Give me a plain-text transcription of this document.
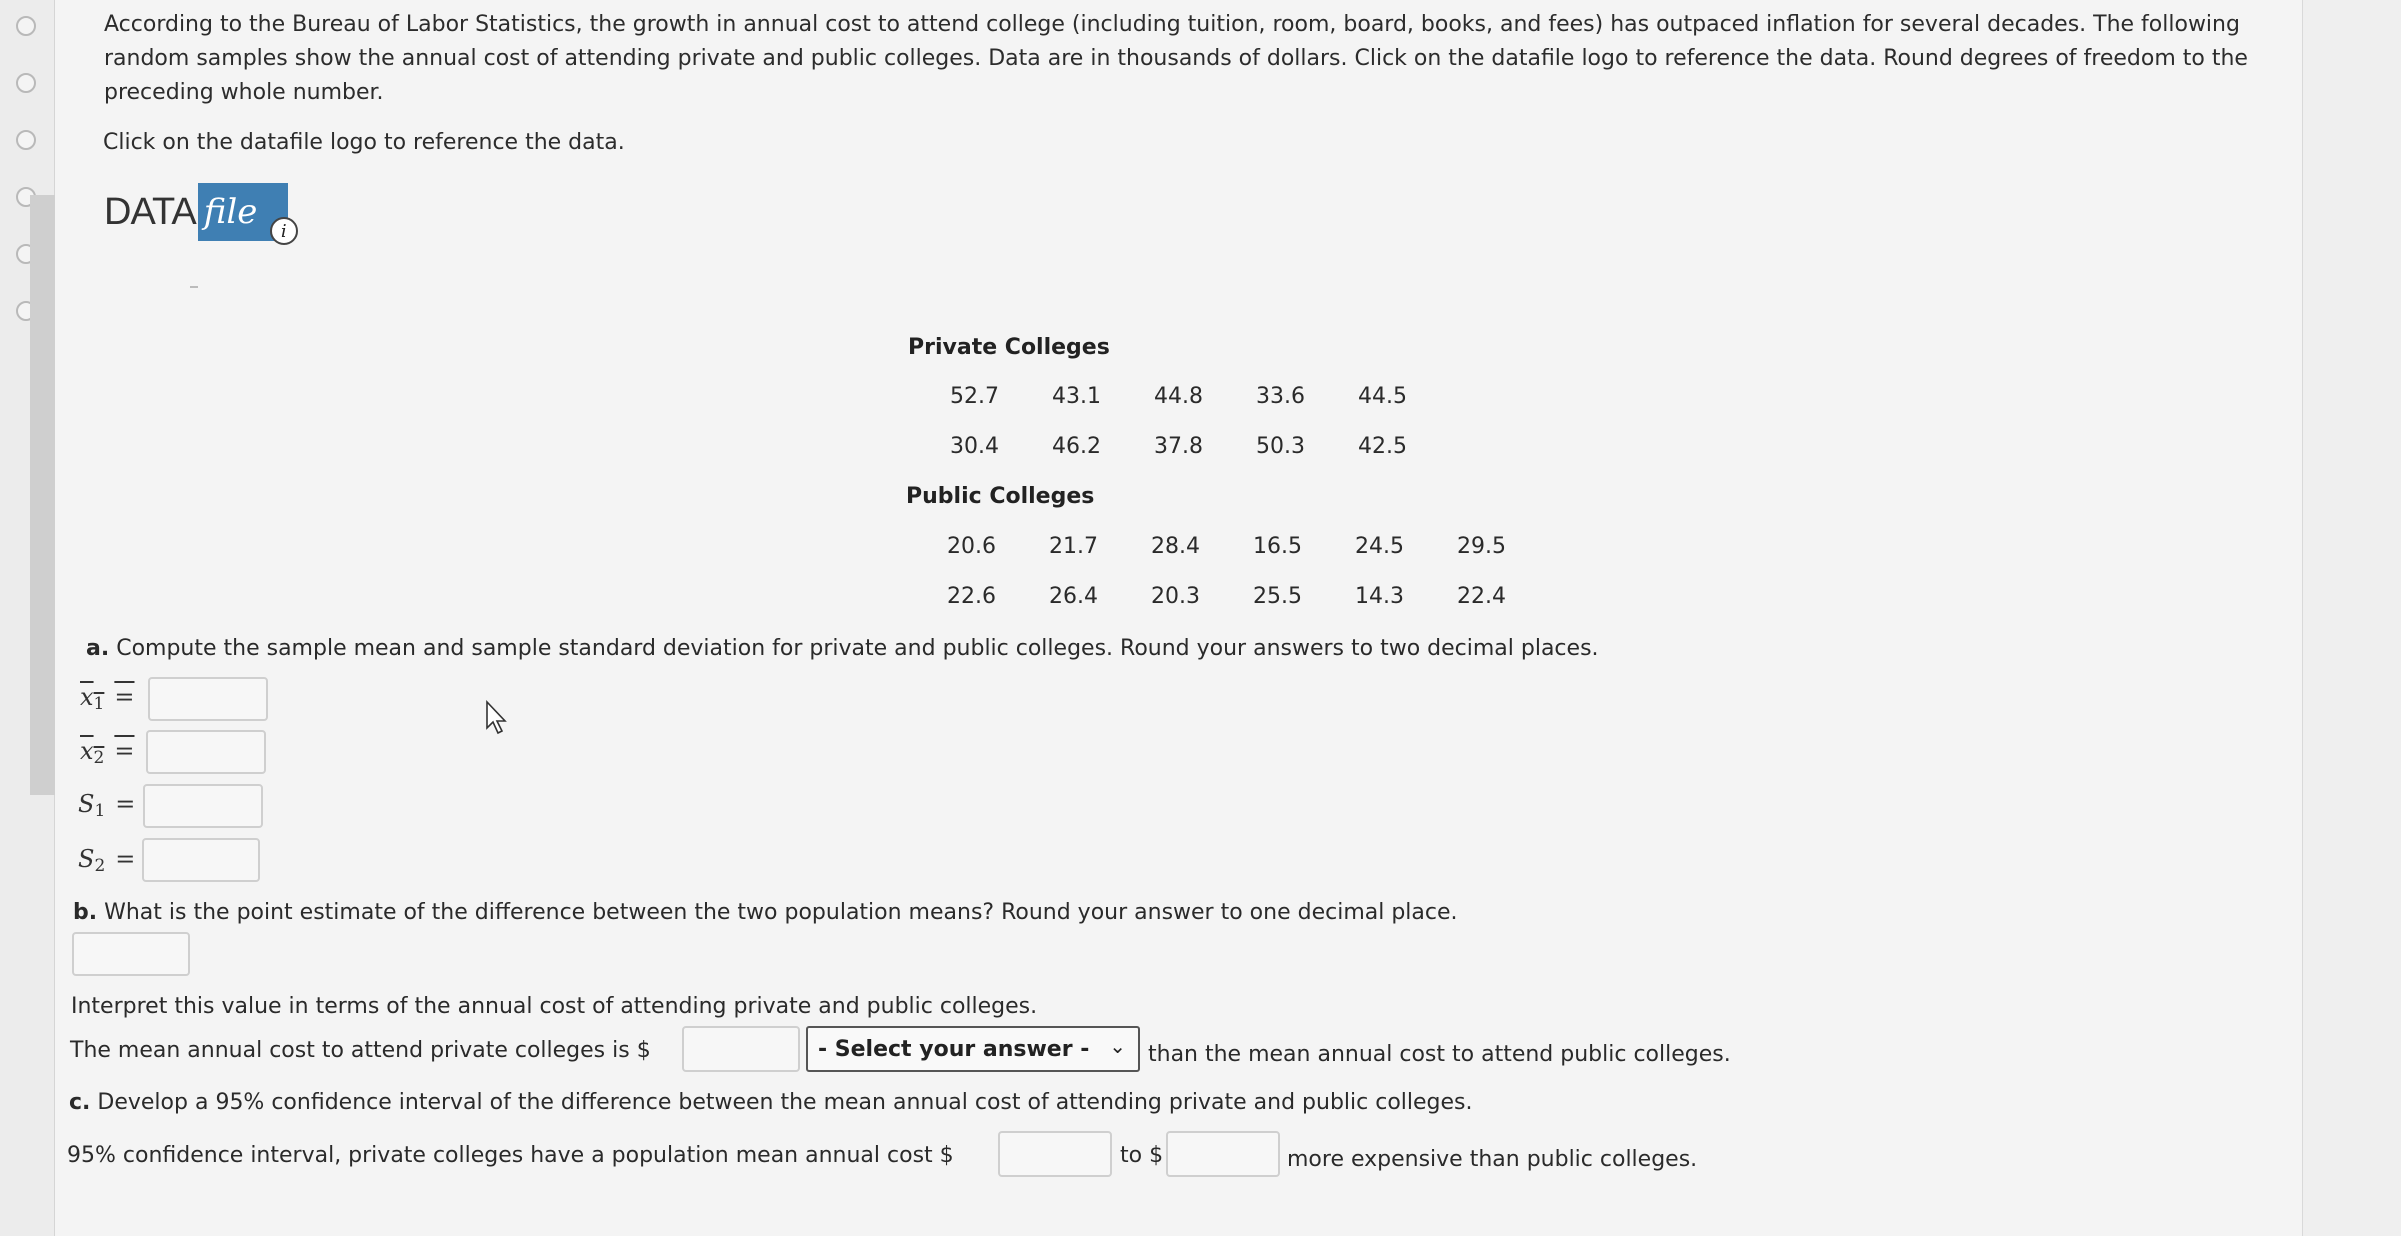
According to the Bureau of Labor Statistics, the growth in annual cost to attend college (including tuition, room, board, books, and fees) has outpaced inflation for several decades. The following random samples show the annual cost of attending private and public colleges. Data are in thousands of dollars. Click on the datafile logo to reference the data. Round degrees of freedom to the preceding whole number.
Click on the datafile logo to reference the data.
DATA file	i
Private Colleges
52.7	43.1	44.8	33.6	44.5
30.4	46.2	37.8	50.3	42.5
Public Colleges
20.6	21.7	28.4	16.5	24.5	29.5
22.6	26.4	20.3	25.5	14.3	22.4
a. Compute the sample mean and sample standard deviation for private and public colleges. Round your answers to two decimal places.
$x_1$ =
$x_2$ =
$S_1$ =
$S_2$ =
b. What is the point estimate of the difference between the two population means? Round your answer to one decimal place.
Interpret this value in terms of the annual cost of attending private and public colleges.
The mean annual cost to attend private colleges is $	- Select your answer - ⌄ than the mean annual cost to attend public colleges.
c. Develop a 95% confidence interval of the difference between the mean annual cost of attending private and public colleges.
95% confidence interval, private colleges have a population mean annual cost $	to $	more expensive than public colleges.
